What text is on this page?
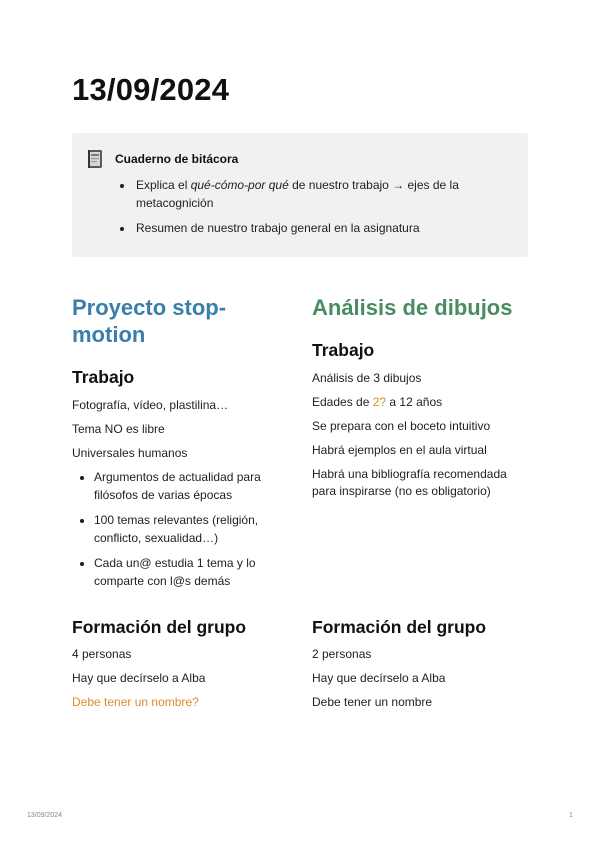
13/09/2024
Cuaderno de bitácora
Explica el qué-cómo-por qué de nuestro trabajo → ejes de la metacognición
Resumen de nuestro trabajo general en la asignatura
Proyecto stop-motion
Trabajo
Fotografía, vídeo, plastilina…
Tema NO es libre
Universales humanos
Argumentos de actualidad para filósofos de varias épocas
100 temas relevantes (religión, conflicto, sexualidad…)
Cada un@ estudia 1 tema y lo comparte con l@s demás
Formación del grupo
4 personas
Hay que decírselo a Alba
Debe tener un nombre?
Análisis de dibujos
Trabajo
Análisis de 3 dibujos
Edades de 2? a 12 años
Se prepara con el boceto intuitivo
Habrá ejemplos en el aula virtual
Habrá una bibliografía recomendada para inspirarse (no es obligatorio)
Formación del grupo
2 personas
Hay que decírselo a Alba
Debe tener un nombre
13/09/2024	1
